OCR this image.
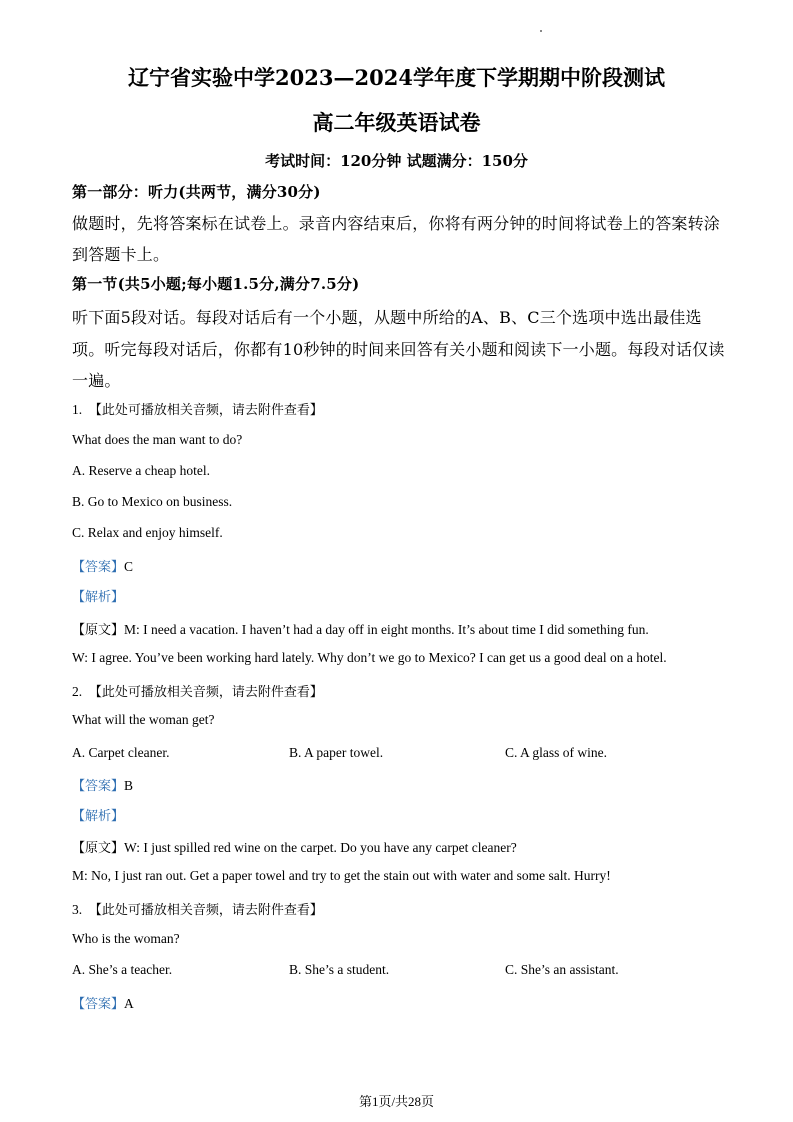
辽宁省实验中学2023—2024学年度下学期期中阶段测试
高二年级英语试卷
考试时间：120分钟 试题满分：150分
第一部分：听力(共两节，满分30分)
做题时，先将答案标在试卷上。录音内容结束后，你将有两分钟的时间将试卷上的答案转涂
到答题卡上。
第一节(共5小题;每小题1.5分,满分7.5分)
听下面5段对话。每段对话后有一个小题，从题中所给的A、B、C三个选项中选出最佳选
项。听完每段对话后，你都有10秒钟的时间来回答有关小题和阅读下一小题。每段对话仅读
一遍。
1. 【此处可播放相关音频，请去附件查看】
What does the man want to do?
A. Reserve a cheap hotel.
B. Go to Mexico on business.
C. Relax and enjoy himself.
【答案】C
【解析】
【原文】M: I need a vacation. I haven’t had a day off in eight months. It’s about time I did something fun.
W: I agree. You’ve been working hard lately. Why don’t we go to Mexico? I can get us a good deal on a hotel.
2. 【此处可播放相关音频，请去附件查看】
What will the woman get?
A. Carpet cleaner.	B. A paper towel.	C. A glass of wine.
【答案】B
【解析】
【原文】W: I just spilled red wine on the carpet. Do you have any carpet cleaner?
M: No, I just ran out. Get a paper towel and try to get the stain out with water and some salt. Hurry!
3. 【此处可播放相关音频，请去附件查看】
Who is the woman?
A. She’s a teacher.	B. She’s a student.	C. She’s an assistant.
【答案】A
第1页/共28页
